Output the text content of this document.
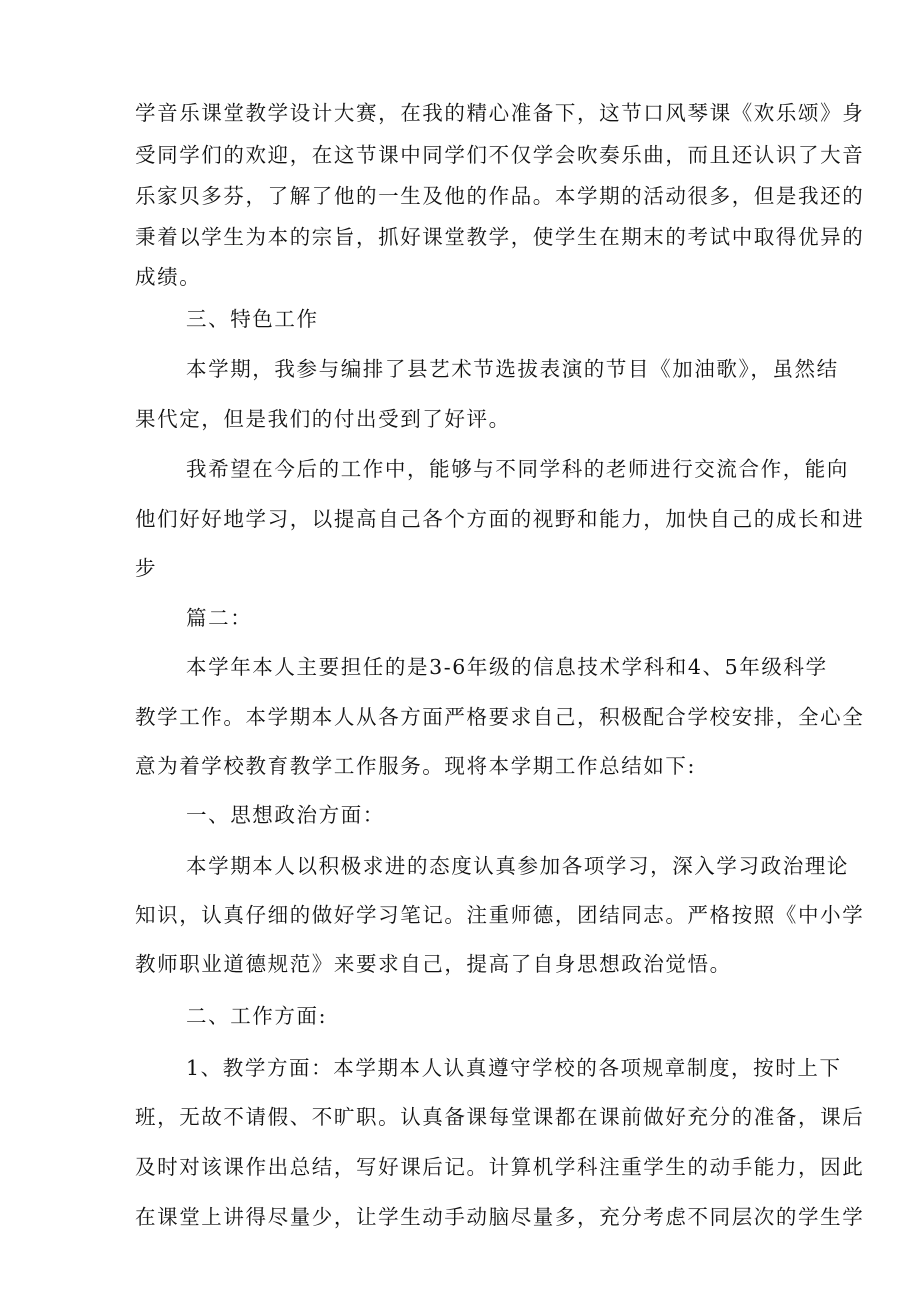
学音乐课堂教学设计大赛，在我的精心准备下，这节口风琴课《欢乐颂》身
受同学们的欢迎，在这节课中同学们不仅学会吹奏乐曲，而且还认识了大音
乐家贝多芬，了解了他的一生及他的作品。本学期的活动很多，但是我还的
秉着以学生为本的宗旨，抓好课堂教学，使学生在期末的考试中取得优异的
成绩。
三、特色工作
本学期，我参与编排了县艺术节选拔表演的节目《加油歌》，虽然结
果代定，但是我们的付出受到了好评。
我希望在今后的工作中，能够与不同学科的老师进行交流合作，能向
他们好好地学习，以提高自己各个方面的视野和能力，加快自己的成长和进
步
篇二：
本学年本人主要担任的是3-6年级的信息技术学科和4、5年级科学
教学工作。本学期本人从各方面严格要求自己，积极配合学校安排，全心全
意为着学校教育教学工作服务。现将本学期工作总结如下:
一、思想政治方面：
本学期本人以积极求进的态度认真参加各项学习，深入学习政治理论
知识，认真仔细的做好学习笔记。注重师德，团结同志。严格按照《中小学
教师职业道德规范》来要求自己，提高了自身思想政治觉悟。
二、工作方面:
1、教学方面：本学期本人认真遵守学校的各项规章制度，按时上下
班，无故不请假、不旷职。认真备课每堂课都在课前做好充分的准备，课后
及时对该课作出总结，写好课后记。计算机学科注重学生的动手能力，因此
在课堂上讲得尽量少，让学生动手动脑尽量多，充分考虑不同层次的学生学
